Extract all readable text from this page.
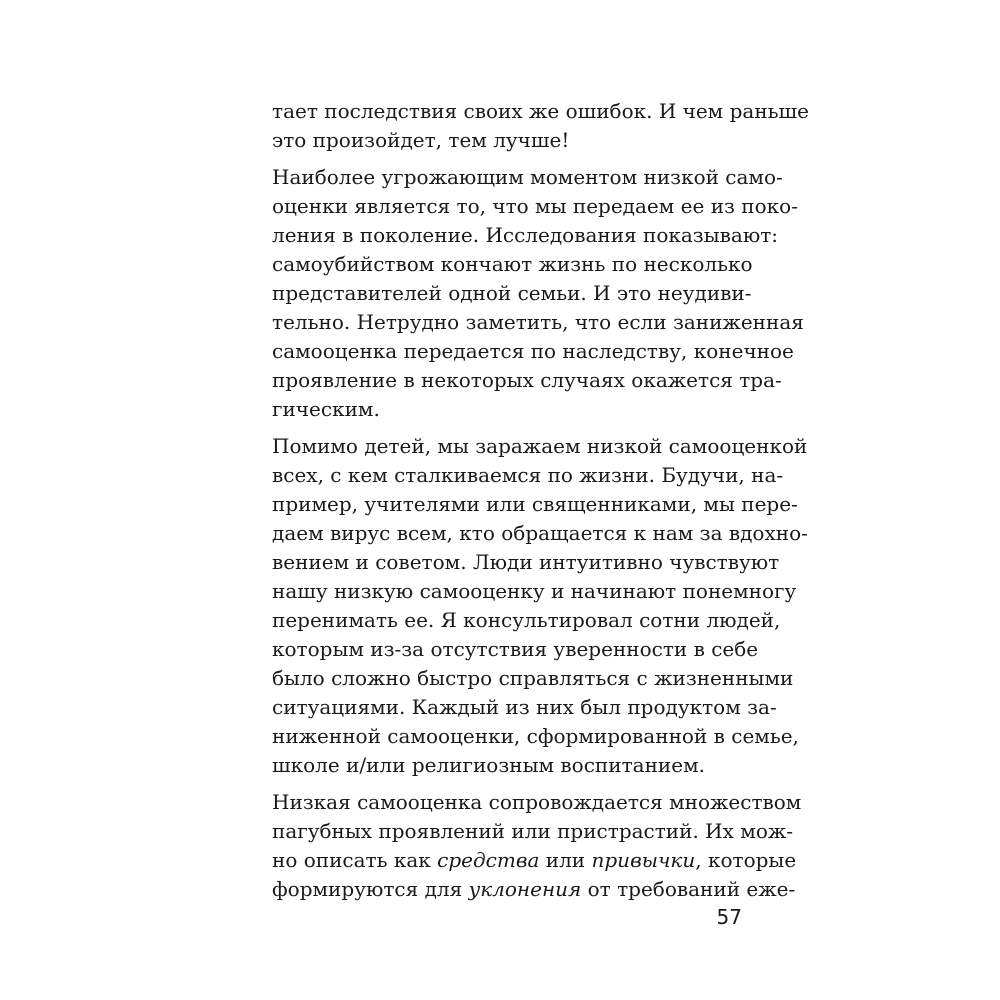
тает последствия своих же ошибок. И чем раньше

это произойдет, тем лучше!

Наиболее угрожающим моментом низкой само-

оценки является то, что мы передаем ее из поко-

ления в поколение. Исследования показывают:

самоубийством кончают жизнь по несколько

представителей одной семьи. И это неудиви-

тельно. Нетрудно заметить, что если заниженная

самооценка передается по наследству, конечное

проявление в некоторых случаях окажется тра-

гическим.

Помимо детей, мы заражаем низкой самооценкой

всех, с кем сталкиваемся по жизни. Будучи, на-

пример, учителями или священниками, мы пере-

даем вирус всем, кто обращается к нам за вдохно-

вением и советом. Люди интуитивно чувствуют

нашу низкую самооценку и начинают понемногу

перенимать ее. Я консультировал сотни людей,

которым из-за отсутствия уверенности в себе

было сложно быстро справляться с жизненными

ситуациями. Каждый из них был продуктом за-

ниженной самооценки, сформированной в семье,

школе и/или религиозным воспитанием.

Низкая самооценка сопровождается множеством

пагубных проявлений или пристрастий. Их мож-

но описать как средства или привычки, которые

формируются для уклонения от требований еже-

57
